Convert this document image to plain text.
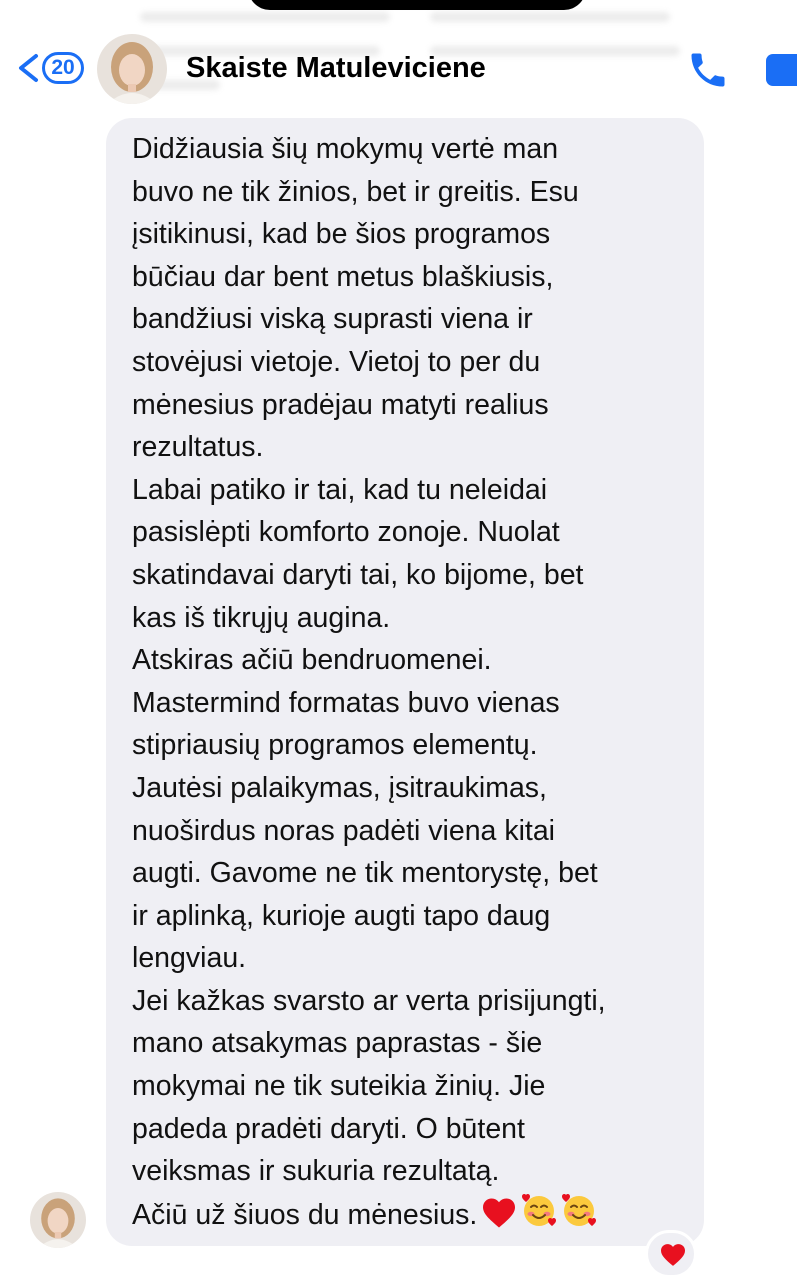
20	Skaiste Matuleviciene
Didžiausia šių mokymų vertė man
buvo ne tik žinios, bet ir greitis. Esu
įsitikinusi, kad be šios programos
būčiau dar bent metus blaškiusis,
bandžiusi viską suprasti viena ir
stovėjusi vietoje. Vietoj to per du
mėnesius pradėjau matyti realius
rezultatus.
Labai patiko ir tai, kad tu neleidai
pasislėpti komforto zonoje. Nuolat
skatindavai daryti tai, ko bijome, bet
kas iš tikrųjų augina.
Atskiras ačiū bendruomenei.
Mastermind formatas buvo vienas
stipriausių programos elementų.
Jautėsi palaikymas, įsitraukimas,
nuoširdus noras padėti viena kitai
augti. Gavome ne tik mentorystę, bet
ir aplinką, kurioje augti tapo daug
lengviau.
Jei kažkas svarsto ar verta prisijungti,
mano atsakymas paprastas - šie
mokymai ne tik suteikia žinių. Jie
padeda pradėti daryti. O būtent
veiksmas ir sukuria rezultatą.
Ačiū už šiuos du mėnesius.
